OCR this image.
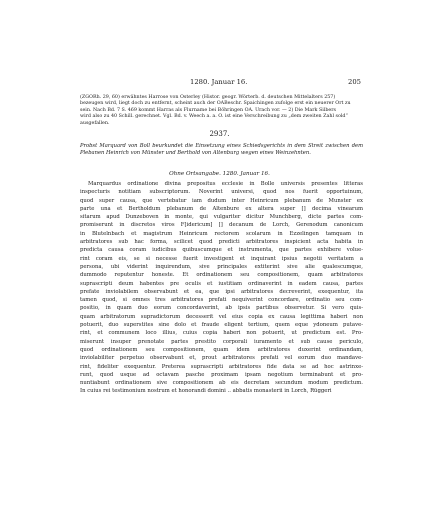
1280. Januar 16.	205
(ZGORh. 29, 60) erwähntes Harrose von Osterley (Histor. geogr. Wörterb. d. deutschen Mittelalters 257)
bezeugen wird, liegt doch zu entfernt, scheint auch der OABeschr. Spaichingen zufolge erst ein neuerer Ort zu
sein. Nach Bd. 7 S. 469 kommt Harras als Flurname bei Böhringen OA. Urach vor. — 2) Die Mark Silbers
wird also zu 40 Schill. gerechnet. Vgl. Bd. v. Weech a. a. O. ist eine Verschreibung zu „dem zweiten Zahl sold“
ausgefallen.
2937.
Probst Marquard von Boll beurkundet die Einsetzung eines Schiedsgerichts in dem Streit zwischen dem Plebanen Heinrich von Münster und Berthold von Altenburg wegen eines Weinzehnten.
Ohne Ortsangabe. 1280. Januar 16.
Marquardus ordinatione divina prepositus ecclesie in Bolle universis presentes litteras
inspecturis notitiam subscriptorum. Noverint universi, quod nos fuerit opportuinum,
quod super causa, que vertebatur iam dudum inter Heinricum plebanum de Munster ex
parte una et Bertholdum plebanum de Altenbure ex altera super [] decima vinearum
sitarum apud Dunzeboven in monte, qui vulgariter dicitur Munchberg, dicte partes com-
promiserunt in discretos viros F[idericum] [] decanum de Lorch, Gerenodum canonicum
in Blutelnbach et magistrum Heinricum rectorem scolarum in Ezzelingen tamquam in
arbitratores sub hac forma, scilicet quod predicti arbitratores inspicient acta habita in
predicta causa coram iudicibus quibuscumque et instrumenta, que partes exhibere volue-
rint coram eis, se si necesse fuerit investigent et inquirant ipsius negotii veritatem a
persona, ubi viderint inquirendum, sive principales extiterint sive alie qualescumque,
dummodo reputentur honeste. Et ordinationem seu compositionem, quam arbitratores
suprascripti deum habentes pre oculis et iustitiam ordinaverint in eadem causa, partes
prefate inviolabilem observabunt et ea, que ipsi arbitratores decreverint, exequentur, ita
tamen quod, si omnes tres arbitratores prefati nequiverint concordare, ordinatio seu com-
positio, in quam duo eorum concordaverint, ab ipsis partibus observetur. Si vero quis-
quam arbitratorum supradictorum decesserit vel eius copia ex causa legittima haberi non
potuerit, duo superstites sine dolo et fraude eligent tertium, quem eque ydoneum putave-
rint, et communem loco illius, cuius copia haberi non potuerit, ut predictum est. Pro-
miserunt insuper prenotate partes prestito corporali iuramento et sub cause periculo,
quod ordinationem seu compositionem, quam idem arbitratores duxerint ordinandam,
inviolabiliter perpetuo observabunt et, prout arbitratores prefati vel eorum duo mandave-
rint, fideliter exequentur. Preterea suprascripti arbitratores fide data se ad hoc astrinxe-
runt, quod usque ad octavam pasche proximam ipsam negotium terminabunt et pro-
nuntiabunt ordinationem sive compositionem ab eis decretam secundum modum predictum.
In cuius rei testimonium nostrum et honorandi domini .. abbatis monasterii in Lorch, Rüggeri
